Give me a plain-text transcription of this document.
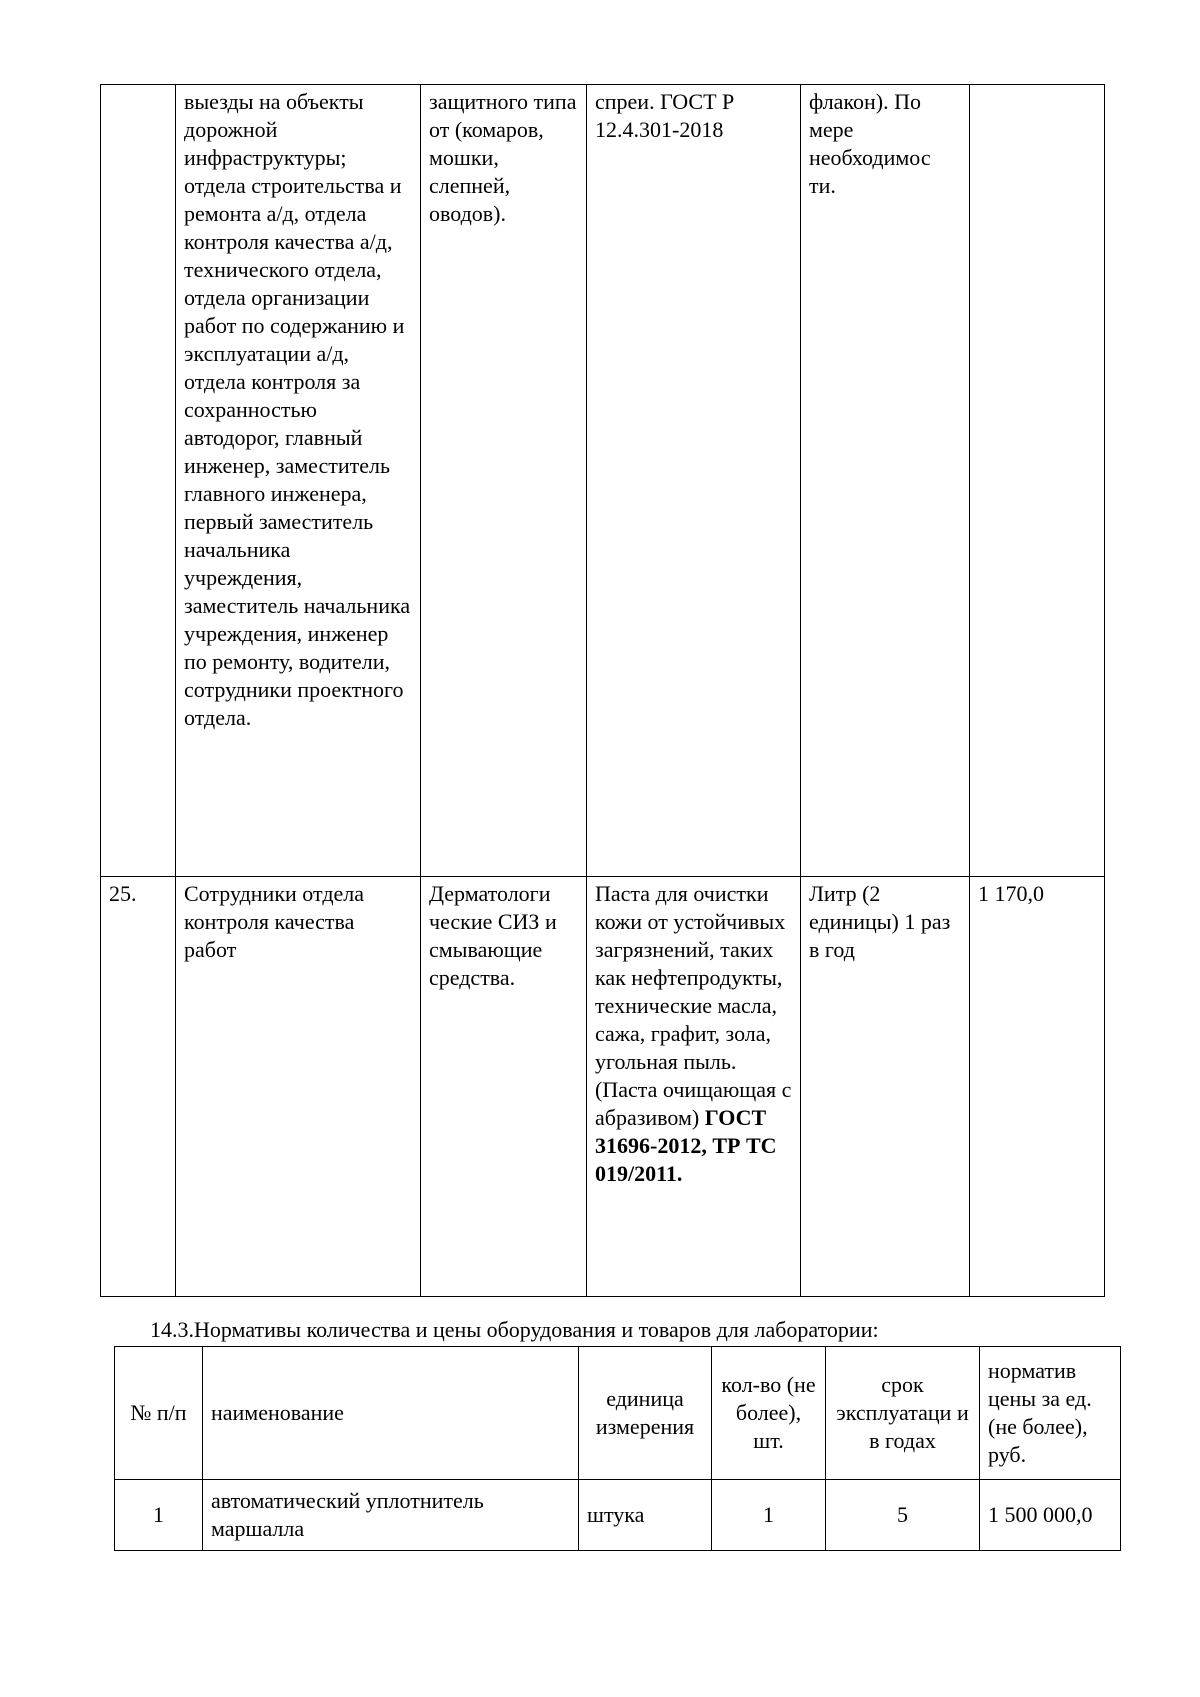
	выезды на объекты дорожной инфраструктуры; отдела строительства и ремонта а/д, отдела контроля качества а/д, технического отдела, отдела организации работ по содержанию и эксплуатации а/д, отдела контроля за сохранностью автодорог, главный инженер, заместитель главного инженера, первый заместитель начальника учреждения, заместитель начальника учреждения, инженер по ремонту, водители, сотрудники проектного отдела.	защитного типа от (комаров, мошки, слепней, оводов).	спреи. ГОСТ Р 12.4.301-2018	флакон). По мере необходимос ти.	
25.	Сотрудники отдела контроля качества работ	Дерматологи ческие СИЗ и смывающие средства.	Паста для очистки кожи от устойчивых загрязнений, таких как нефтепродукты, технические масла, сажа, графит, зола, угольная пыль.(Паста очищающая с абразивом) ГОСТ 31696-2012, ТР ТС 019/2011.	Литр (2 единицы) 1 раз в год	1 170,0
14.3.Нормативы количества и цены оборудования и товаров для лаборатории:
№ п/п	наименование	единица измерения	кол-во (не более), шт.	срок эксплуатаци и в годах	норматив цены за ед. (не более), руб.
1	автоматический уплотнитель маршалла	штука	1	5	1 500 000,0
